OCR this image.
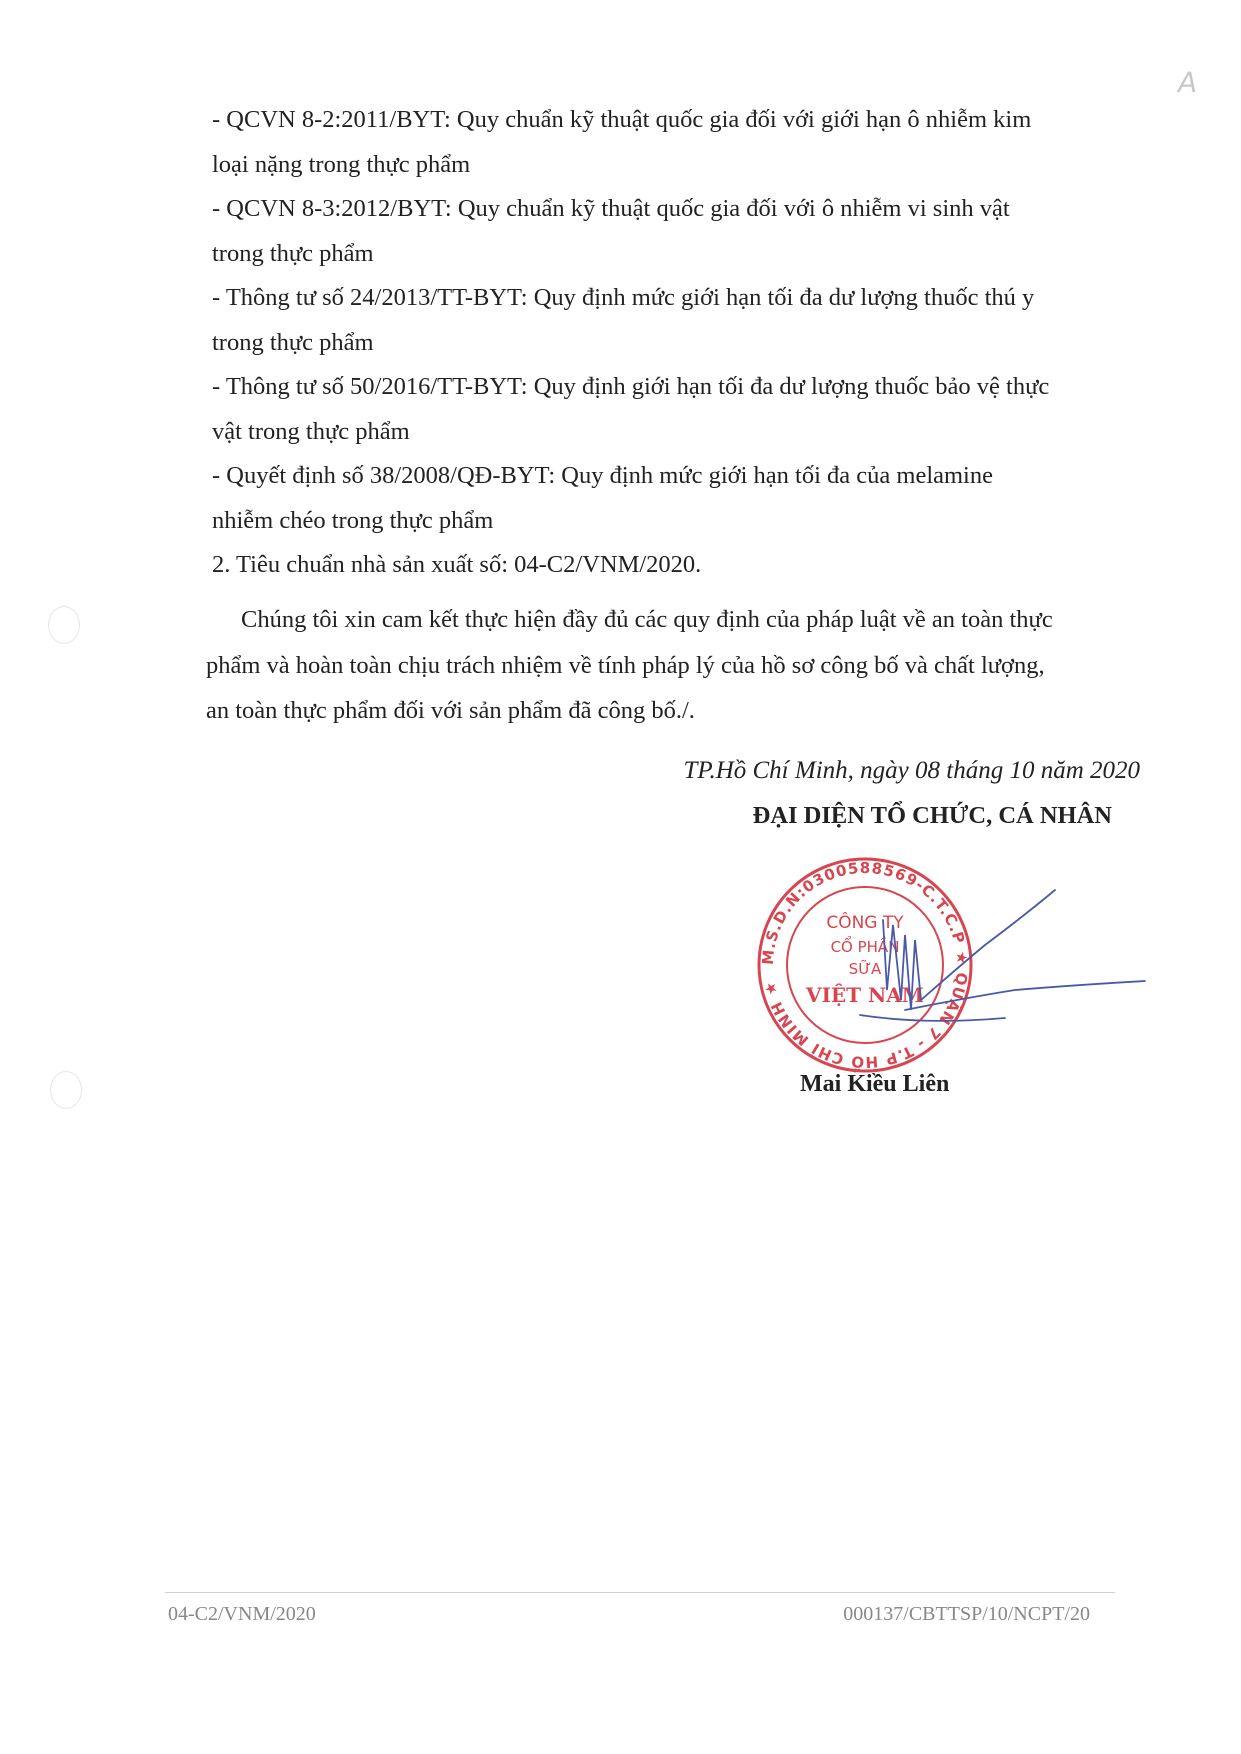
A
- QCVN 8-2:2011/BYT: Quy chuẩn kỹ thuật quốc gia đối với giới hạn ô nhiễm kim
loại nặng trong thực phẩm
- QCVN 8-3:2012/BYT: Quy chuẩn kỹ thuật quốc gia đối với ô nhiễm vi sinh vật
trong thực phẩm
- Thông tư số 24/2013/TT-BYT: Quy định mức giới hạn tối đa dư lượng thuốc thú y
trong thực phẩm
- Thông tư số 50/2016/TT-BYT: Quy định giới hạn tối đa dư lượng thuốc bảo vệ thực
vật trong thực phẩm
- Quyết định số 38/2008/QĐ-BYT: Quy định mức giới hạn tối đa của melamine
nhiễm chéo trong thực phẩm
2. Tiêu chuẩn nhà sản xuất số: 04-C2/VNM/2020.
Chúng tôi xin cam kết thực hiện đầy đủ các quy định của pháp luật về an toàn thực
phẩm và hoàn toàn chịu trách nhiệm về tính pháp lý của hồ sơ công bố và chất lượng,
an toàn thực phẩm đối với sản phẩm đã công bố./.
TP.Hồ Chí Minh, ngày 08 tháng 10 năm 2020
ĐẠI DIỆN TỔ CHỨC, CÁ NHÂN
M.S.D.N:0300588569-C.T.C.P ★ QUẬN 7 - T.P HỒ CHÍ MINH ★
CÔNG TY
CỔ PHẦN
SỮA
VIỆT NAM
Mai Kiều Liên
04-C2/VNM/2020	000137/CBTTSP/10/NCPT/20
